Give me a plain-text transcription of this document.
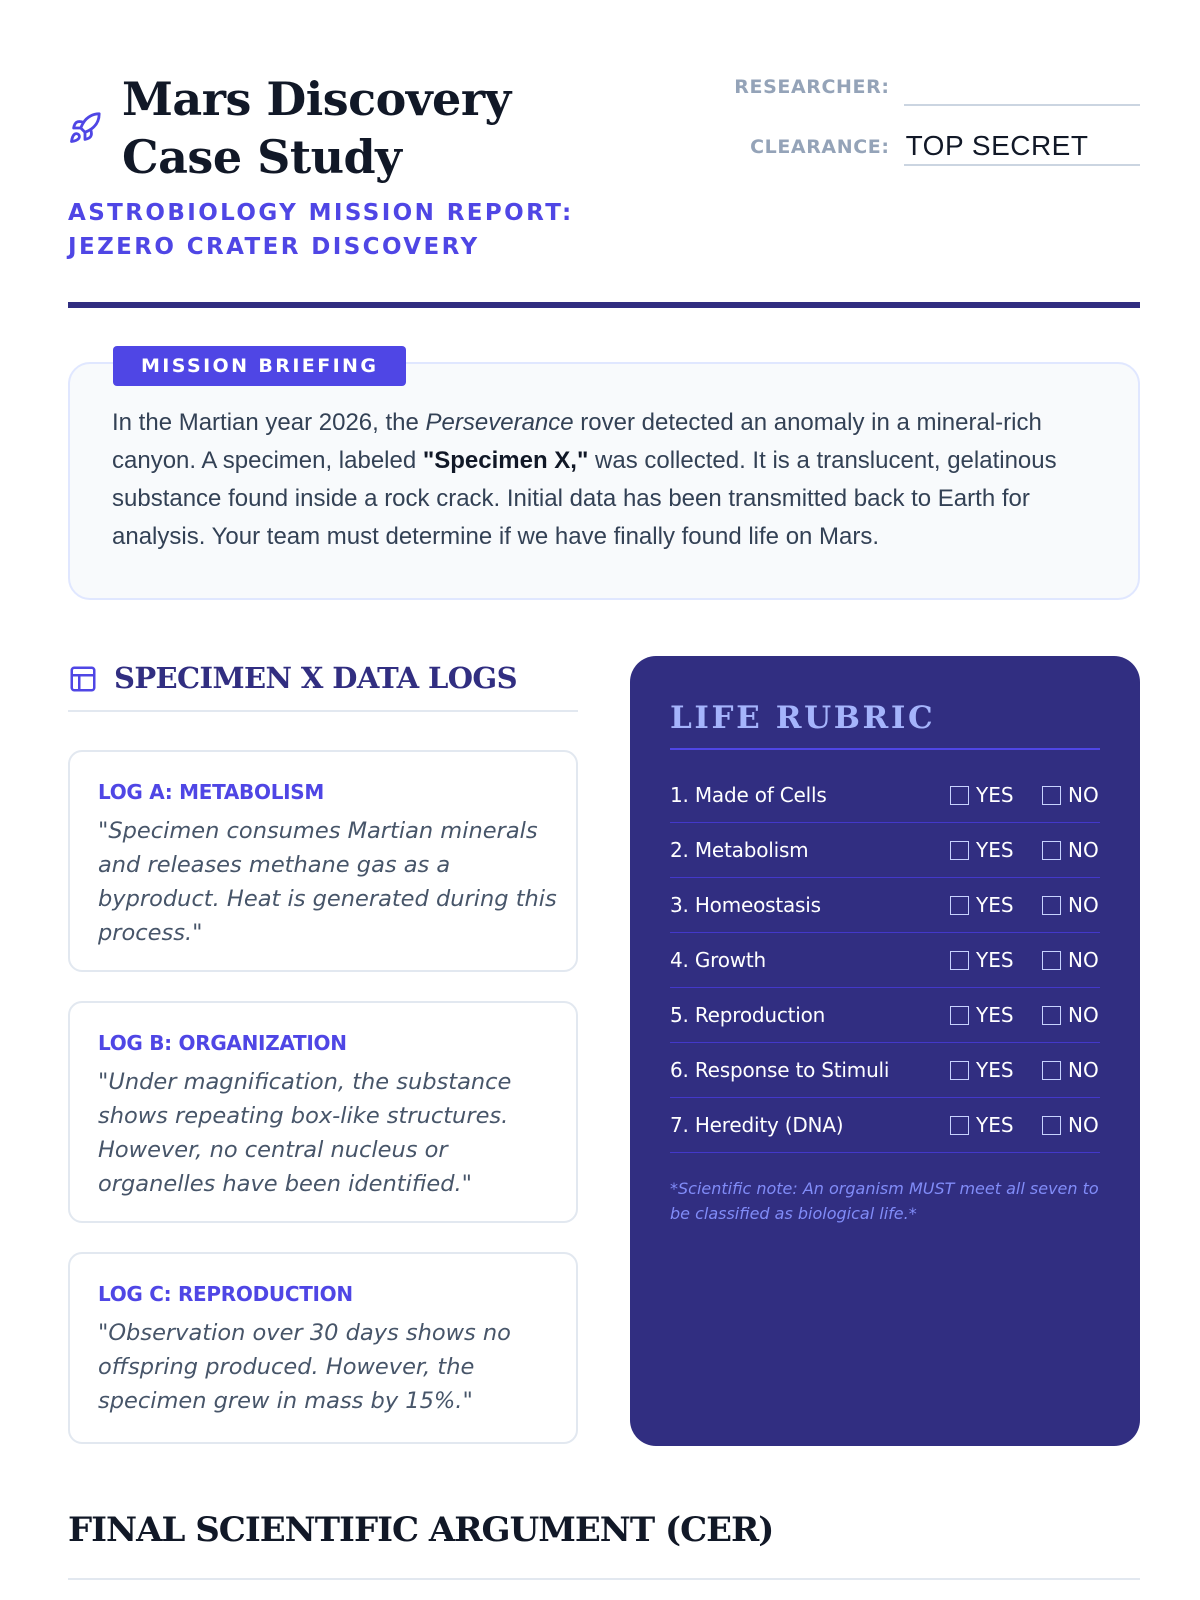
Mars Discovery Case Study
ASTROBIOLOGY MISSION REPORT: JEZERO CRATER DISCOVERY
RESEARCHER:
CLEARANCE: TOP SECRET
MISSION BRIEFING

In the Martian year 2026, the Perseverance rover detected an anomaly in a mineral-rich canyon. A specimen, labeled "Specimen X," was collected. It is a translucent, gelatinous substance found inside a rock crack. Initial data has been transmitted back to Earth for analysis. Your team must determine if we have finally found life on Mars.

SPECIMEN X DATA LOGS
LOG A: METABOLISM

"Specimen consumes Martian minerals and releases methane gas as a byproduct. Heat is generated during this process."

LOG B: ORGANIZATION

"Under magnification, the substance shows repeating box-like structures. However, no central nucleus or organelles have been identified."

LOG C: REPRODUCTION

"Observation over 30 days shows no offspring produced. However, the specimen grew in mass by 15%."

LIFE RUBRIC
1. Made of Cells	YES	NO
2. Metabolism	YES	NO
3. Homeostasis	YES	NO
4. Growth	YES	NO
5. Reproduction	YES	NO
6. Response to Stimuli	YES	NO
7. Heredity (DNA)	YES	NO

*Scientific note: An organism MUST meet all seven to be classified as biological life.*

FINAL SCIENTIFIC ARGUMENT (CER)
